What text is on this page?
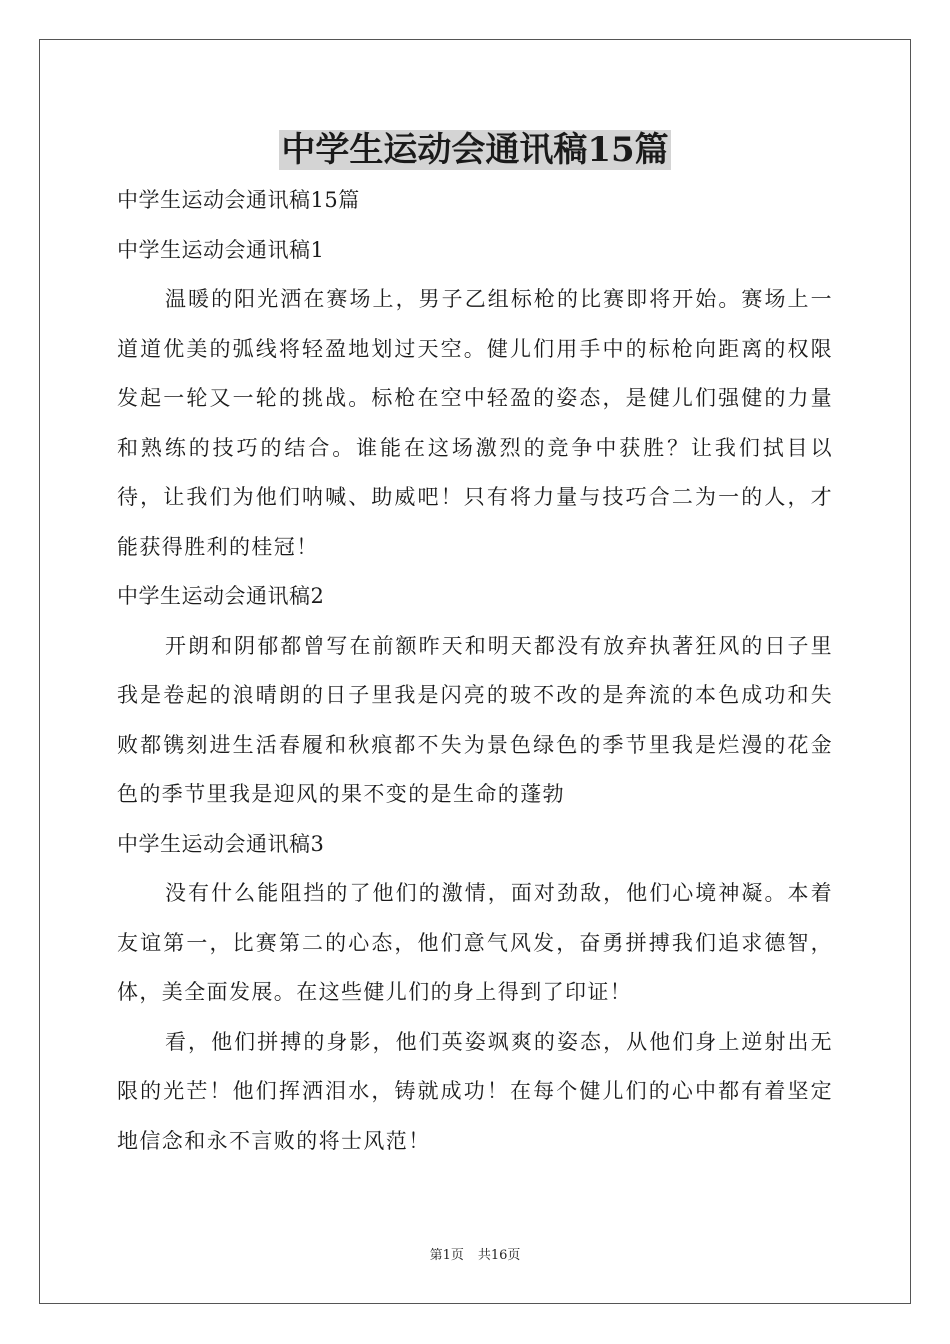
中学生运动会通讯稿15篇

中学生运动会通讯稿15篇

中学生运动会通讯稿1

温暖的阳光洒在赛场上，男子乙组标枪的比赛即将开始。赛场上一道道优美的弧线将轻盈地划过天空。健儿们用手中的标枪向距离的权限发起一轮又一轮的挑战。标枪在空中轻盈的姿态，是健儿们强健的力量和熟练的技巧的结合。谁能在这场激烈的竞争中获胜？让我们拭目以待，让我们为他们呐喊、助威吧！只有将力量与技巧合二为一的人，才能获得胜利的桂冠！

中学生运动会通讯稿2

开朗和阴郁都曾写在前额昨天和明天都没有放弃执著狂风的日子里我是卷起的浪晴朗的日子里我是闪亮的玻不改的是奔流的本色成功和失败都镌刻进生活春履和秋痕都不失为景色绿色的季节里我是烂漫的花金色的季节里我是迎风的果不变的是生命的蓬勃

中学生运动会通讯稿3

没有什么能阻挡的了他们的激情，面对劲敌，他们心境神凝。本着友谊第一，比赛第二的心态，他们意气风发，奋勇拼搏我们追求德智，体，美全面发展。在这些健儿们的身上得到了印证！

看，他们拼搏的身影，他们英姿飒爽的姿态，从他们身上逆射出无限的光芒！他们挥洒泪水，铸就成功！在每个健儿们的心中都有着坚定地信念和永不言败的将士风范！

第1页 共16页
